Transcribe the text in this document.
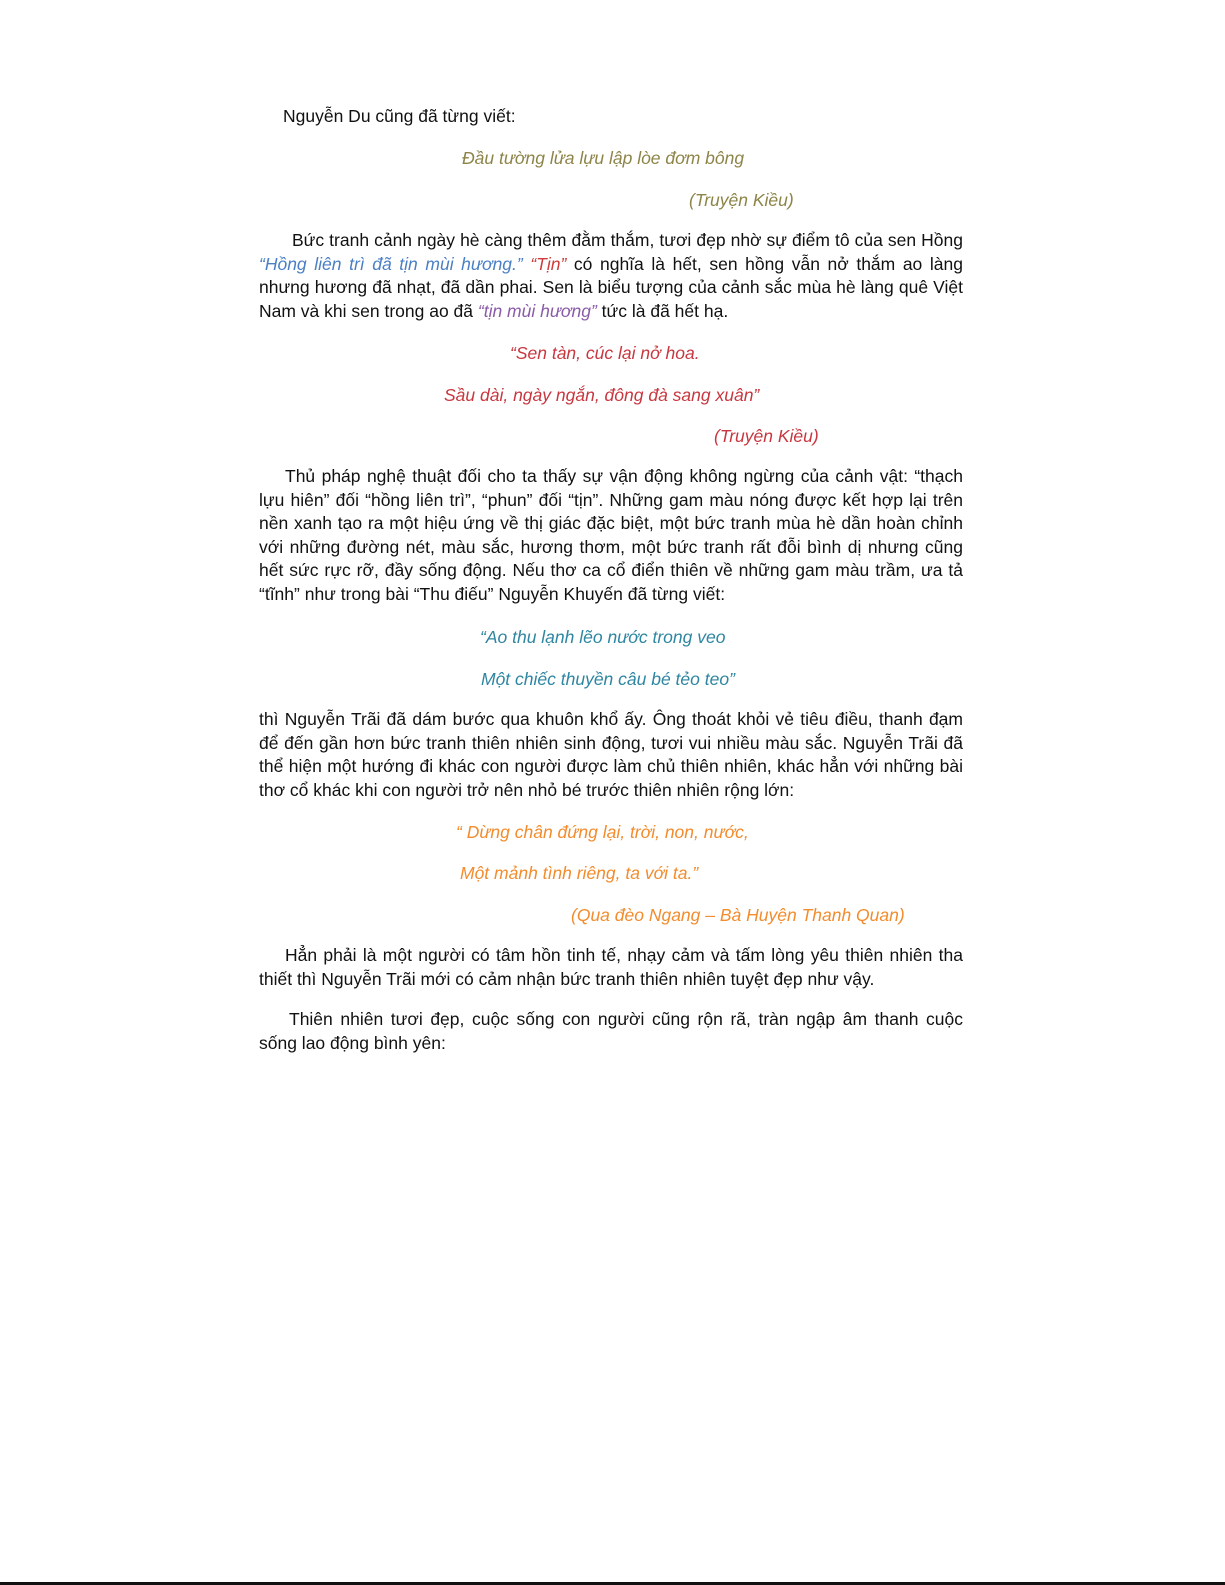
Nguyễn Du cũng đã từng viết:
Đầu tường lửa lựu lập lòe đơm bông
(Truyện Kiều)
Bức tranh cảnh ngày hè càng thêm đằm thắm, tươi đẹp nhờ sự điểm tô của sen Hồng “Hồng liên trì đã tịn mùi hương.” “Tịn” có nghĩa là hết, sen hồng vẫn nở thắm ao làng nhưng hương đã nhạt, đã dần phai. Sen là biểu tượng của cảnh sắc mùa hè làng quê Việt Nam và khi sen trong ao đã “tịn mùi hương” tức là đã hết hạ.
“Sen tàn, cúc lại nở hoa.
Sầu dài, ngày ngắn, đông đà sang xuân”
(Truyện Kiều)
Thủ pháp nghệ thuật đối cho ta thấy sự vận động không ngừng của cảnh vật: “thạch lựu hiên” đối “hồng liên trì”, “phun” đối “tịn”. Những gam màu nóng được kết hợp lại trên nền xanh tạo ra một hiệu ứng về thị giác đặc biệt, một bức tranh mùa hè dần hoàn chỉnh với những đường nét, màu sắc, hương thơm, một bức tranh rất đỗi bình dị nhưng cũng hết sức rực rỡ, đầy sống động. Nếu thơ ca cổ điển thiên về những gam màu trầm, ưa tả “tĩnh” như trong bài “Thu điếu” Nguyễn Khuyến đã từng viết:
“Ao thu lạnh lẽo nước trong veo
Một chiếc thuyền câu bé tẻo teo”
thì Nguyễn Trãi đã dám bước qua khuôn khổ ấy. Ông thoát khỏi vẻ tiêu điều, thanh đạm để đến gần hơn bức tranh thiên nhiên sinh động, tươi vui nhiều màu sắc. Nguyễn Trãi đã thể hiện một hướng đi khác con người được làm chủ thiên nhiên, khác hẳn với những bài thơ cổ khác khi con người trở nên nhỏ bé trước thiên nhiên rộng lớn:
“ Dừng chân đứng lại, trời, non, nước,
Một mảnh tình riêng, ta với ta.”
(Qua đèo Ngang – Bà Huyện Thanh Quan)
Hẳn phải là một người có tâm hồn tinh tế, nhạy cảm và tấm lòng yêu thiên nhiên tha thiết thì Nguyễn Trãi mới có cảm nhận bức tranh thiên nhiên tuyệt đẹp như vậy.
Thiên nhiên tươi đẹp, cuộc sống con người cũng rộn rã, tràn ngập âm thanh cuộc sống lao động bình yên:
